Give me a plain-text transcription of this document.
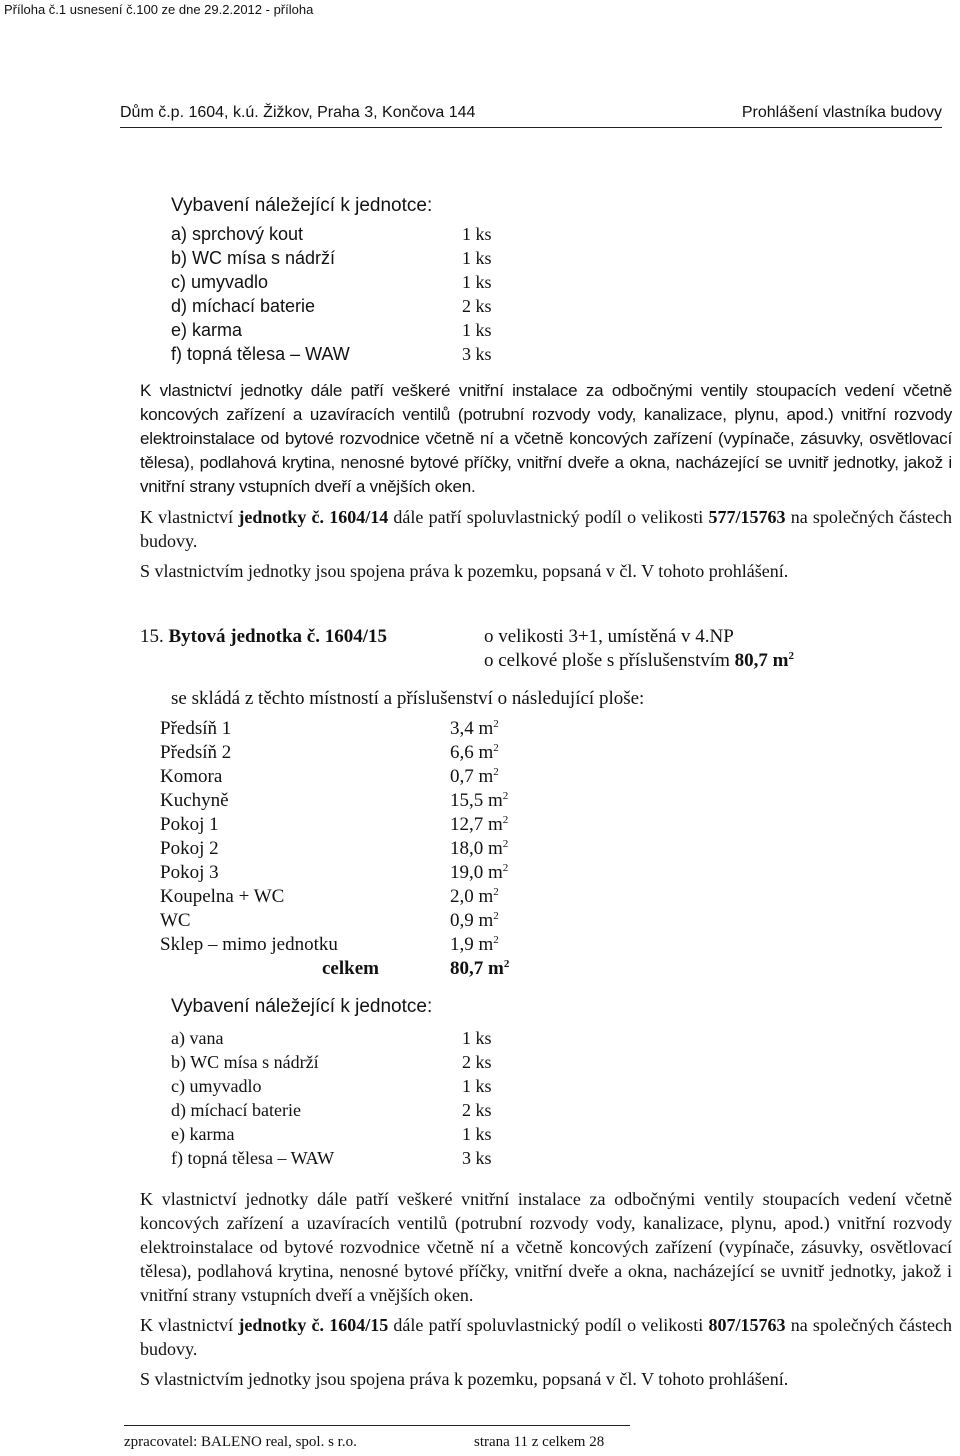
Příloha č.1 usnesení č.100 ze dne 29.2.2012 - příloha
Dům č.p. 1604, k.ú. Žižkov, Praha 3, Končova 144	Prohlášení vlastníka budovy
Vybavení náležející k jednotce:
a) sprchový kout	1 ks
b) WC mísa s nádrží	1 ks
c) umyvadlo	1 ks
d) míchací baterie	2 ks
e) karma	1 ks
f) topná tělesa – WAW	3 ks
K vlastnictví jednotky dále patří veškeré vnitřní instalace za odbočnými ventily stoupacích vedení včetně koncových zařízení a uzavíracích ventilů (potrubní rozvody vody, kanalizace, plynu, apod.) vnitřní rozvody elektroinstalace od bytové rozvodnice včetně ní a včetně koncových zařízení (vypínače, zásuvky, osvětlovací tělesa), podlahová krytina, nenosné bytové příčky, vnitřní dveře a okna, nacházející se uvnitř jednotky, jakož i vnitřní strany vstupních dveří a vnějších oken.
K vlastnictví jednotky č. 1604/14 dále patří spoluvlastnický podíl o velikosti 577/15763 na společných částech budovy.
S vlastnictvím jednotky jsou spojena práva k pozemku, popsaná v čl. V tohoto prohlášení.
15. Bytová jednotka č. 1604/15	o velikosti 3+1, umístěná v 4.NP
o celkové ploše s příslušenstvím 80,7 $m^2$
se skládá z těchto místností a příslušenství o následující ploše:
Předsíň 1	3,4 $m^2$
Předsíň 2	6,6 $m^2$
Komora	0,7 $m^2$
Kuchyně	15,5 $m^2$
Pokoj 1	12,7 $m^2$
Pokoj 2	18,0 $m^2$
Pokoj 3	19,0 $m^2$
Koupelna + WC	2,0 $m^2$
WC	0,9 $m^2$
Sklep – mimo jednotku	1,9 $m^2$
celkem	80,7 $m^2$
Vybavení náležející k jednotce:
a) vana	1 ks
b) WC mísa s nádrží	2 ks
c) umyvadlo	1 ks
d) míchací baterie	2 ks
e) karma	1 ks
f) topná tělesa – WAW	3 ks
K vlastnictví jednotky dále patří veškeré vnitřní instalace za odbočnými ventily stoupacích vedení včetně koncových zařízení a uzavíracích ventilů (potrubní rozvody vody, kanalizace, plynu, apod.) vnitřní rozvody elektroinstalace od bytové rozvodnice včetně ní a včetně koncových zařízení (vypínače, zásuvky, osvětlovací tělesa), podlahová krytina, nenosné bytové příčky, vnitřní dveře a okna, nacházející se uvnitř jednotky, jakož i vnitřní strany vstupních dveří a vnějších oken.
K vlastnictví jednotky č. 1604/15 dále patří spoluvlastnický podíl o velikosti 807/15763 na společných částech budovy.
S vlastnictvím jednotky jsou spojena práva k pozemku, popsaná v čl. V tohoto prohlášení.
zpracovatel: BALENO real, spol. s r.o.	strana 11 z celkem 28
